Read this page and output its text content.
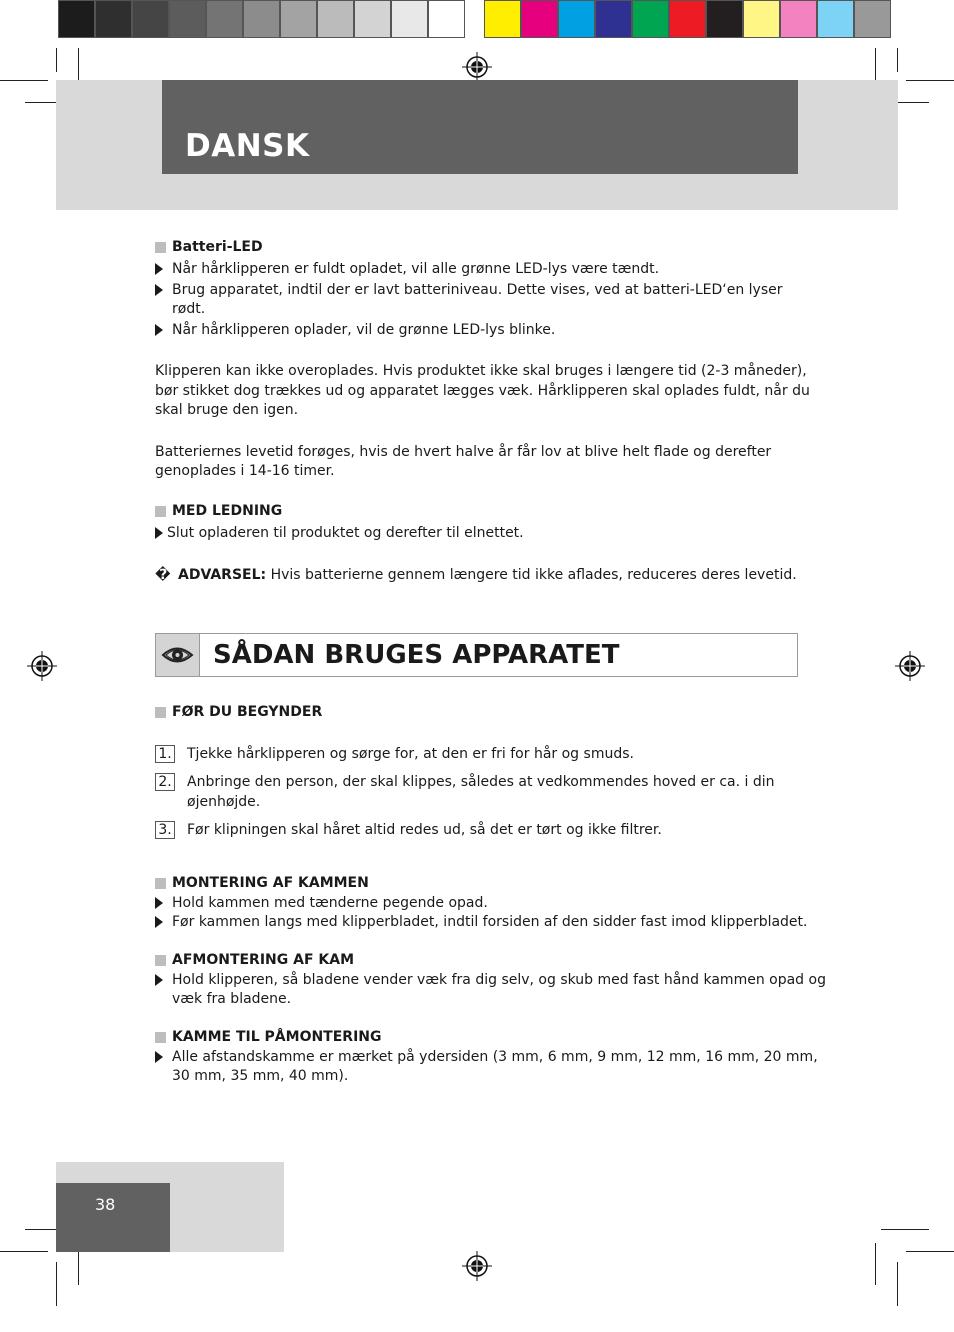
DANSK
Batteri-LED
Når hårklipperen er fuldt opladet, vil alle grønne LED-lys være tændt.
Brug apparatet, indtil der er lavt batteriniveau. Dette vises, ved at batteri-LED‘en lyser
rødt.
Når hårklipperen oplader, vil de grønne LED-lys blinke.
Klipperen kan ikke overoplades. Hvis produktet ikke skal bruges i længere tid (2-3 måneder),
bør stikket dog trækkes ud og apparatet lægges væk. Hårklipperen skal oplades fuldt, når du
skal bruge den igen.
Batteriernes levetid forøges, hvis de hvert halve år får lov at blive helt flade og derefter
genoplades i 14-16 timer.
MED LEDNING
Slut opladeren til produktet og derefter til elnettet.
� ADVARSEL: Hvis batterierne gennem længere tid ikke aflades, reduceres deres levetid.
SÅDAN BRUGES APPARATET
FØR DU BEGYNDER
1. Tjekke hårklipperen og sørge for, at den er fri for hår og smuds.
2. Anbringe den person, der skal klippes, således at vedkommendes hoved er ca. i din
øjenhøjde.
3. Før klipningen skal håret altid redes ud, så det er tørt og ikke filtrer.
MONTERING AF KAMMEN
Hold kammen med tænderne pegende opad.
Før kammen langs med klipperbladet, indtil forsiden af den sidder fast imod klipperbladet.
AFMONTERING AF KAM
Hold klipperen, så bladene vender væk fra dig selv, og skub med fast hånd kammen opad og
væk fra bladene.
KAMME TIL PÅMONTERING
Alle afstandskamme er mærket på ydersiden (3 mm, 6 mm, 9 mm, 12 mm, 16 mm, 20 mm,
30 mm, 35 mm, 40 mm).
38
